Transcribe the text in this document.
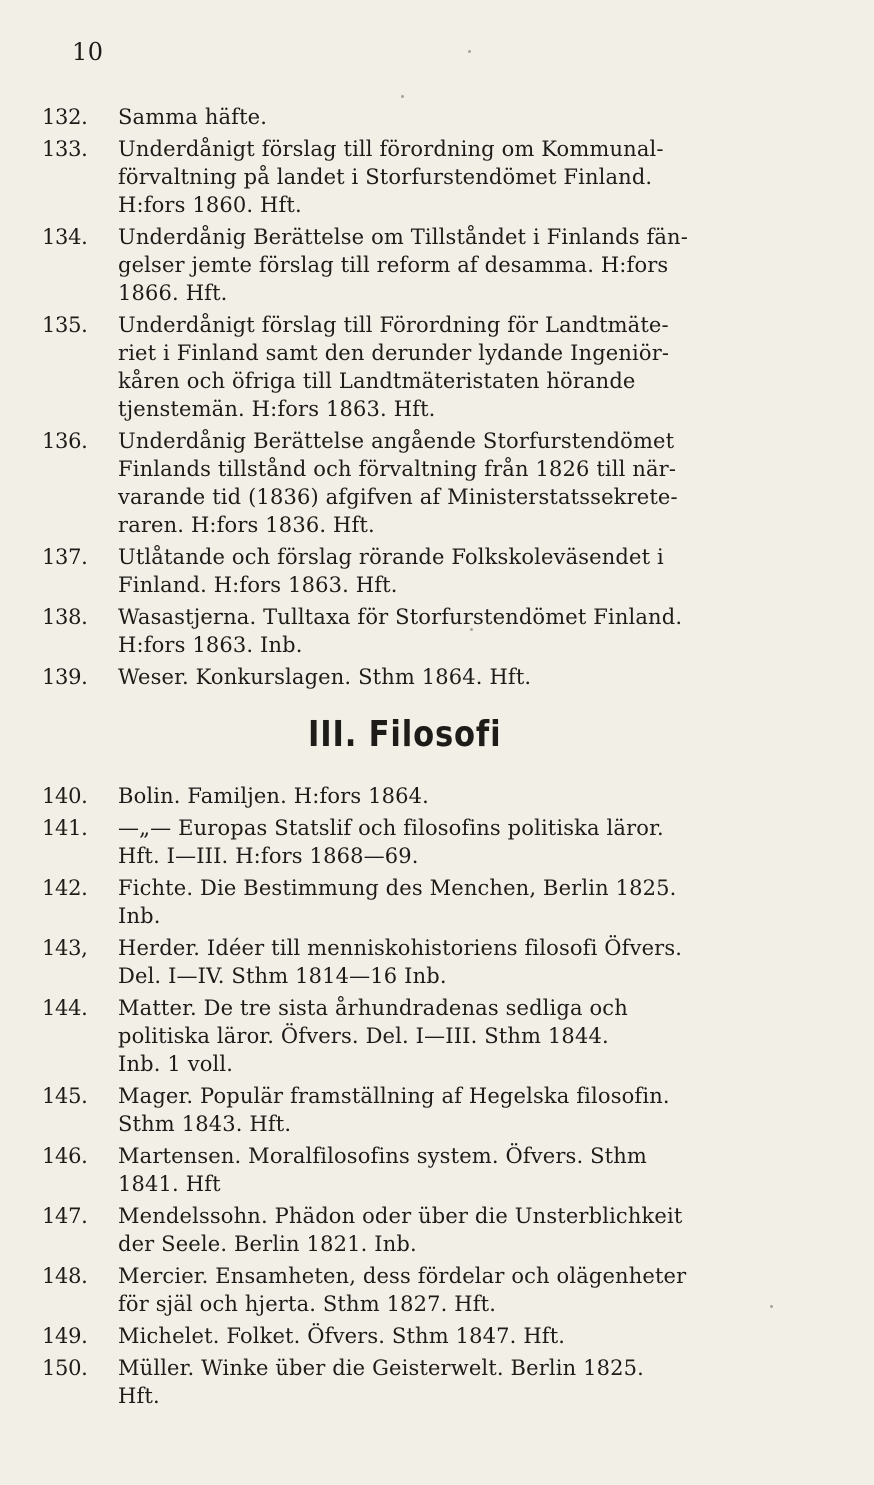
10
132.	Samma häfte.
133.	Underdånigt förslag till förordning om Kommunal-
förvaltning på landet i Storfurstendömet Finland.
H:fors 1860. Hft.
134.	Underdånig Berättelse om Tillståndet i Finlands fän-
gelser jemte förslag till reform af desamma. H:fors
1866. Hft.
135.	Underdånigt förslag till Förordning för Landtmäte-
riet i Finland samt den derunder lydande Ingeniör-
kåren och öfriga till Landtmäteristaten hörande
tjenstemän. H:fors 1863. Hft.
136.	Underdånig Berättelse angående Storfurstendömet
Finlands tillstånd och förvaltning från 1826 till när-
varande tid (1836) afgifven af Ministerstatssekrete-
raren. H:fors 1836. Hft.
137.	Utlåtande och förslag rörande Folkskoleväsendet i
Finland. H:fors 1863. Hft.
138.	Wasastjerna. Tulltaxa för Storfurstendömet Finland.
H:fors 1863. Inb.
139.	Weser. Konkurslagen. Sthm 1864. Hft.
III. Filosofi
140.	Bolin. Familjen. H:fors 1864.
141.	—„— Europas Statslif och filosofins politiska läror.
Hft. I—III. H:fors 1868—69.
142.	Fichte. Die Bestimmung des Menchen, Berlin 1825.
Inb.
143,	Herder. Idéer till menniskohistoriens filosofi Öfvers.
Del. I—IV. Sthm 1814—16 Inb.
144.	Matter. De tre sista århundradenas sedliga och
politiska läror. Öfvers. Del. I—III. Sthm 1844.
Inb. 1 voll.
145.	Mager. Populär framställning af Hegelska filosofin.
Sthm 1843. Hft.
146.	Martensen. Moralfilosofins system. Öfvers. Sthm
1841. Hft
147.	Mendelssohn. Phädon oder über die Unsterblichkeit
der Seele. Berlin 1821. Inb.
148.	Mercier. Ensamheten, dess fördelar och olägenheter
för själ och hjerta. Sthm 1827. Hft.
149.	Michelet. Folket. Öfvers. Sthm 1847. Hft.
150.	Müller. Winke über die Geisterwelt. Berlin 1825.
Hft.
